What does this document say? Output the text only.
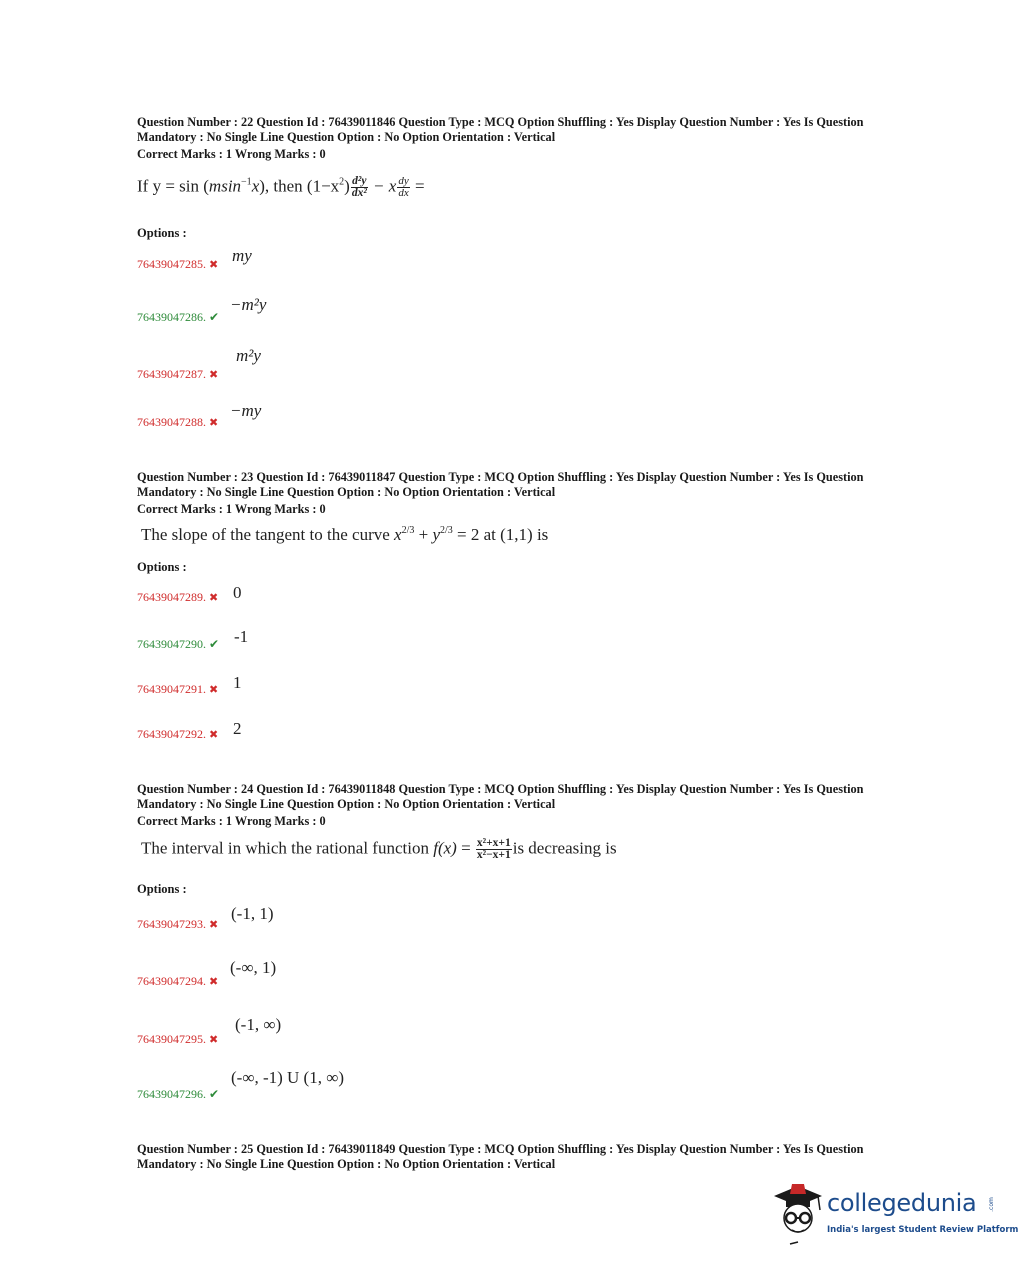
Question Number : 22 Question Id : 76439011846 Question Type : MCQ Option Shuffling : Yes Display Question Number : Yes Is Question
Mandatory : No Single Line Question Option : No Option Orientation : Vertical
Correct Marks : 1 Wrong Marks : 0
If y = sin (msin$^{-1}$x), then $(1-x^2) \frac{\text{d²y}}{\text{dx²}} - x \frac{dy}{dx}$ =
Options :
76439047285. ✖ my
76439047286. ✔
−m²y
76439047287. ✖
m²y
76439047288. ✖
−my
Question Number : 23 Question Id : 76439011847 Question Type : MCQ Option Shuffling : Yes Display Question Number : Yes Is Question
Mandatory : No Single Line Question Option : No Option Orientation : Vertical
Correct Marks : 1 Wrong Marks : 0
The slope of the tangent to the curve $x^{2/3} + y^{2/3} = 2$ at (1,1) is
Options :
76439047289. ✖ 0
76439047290. ✔ -1
76439047291. ✖ 1
76439047292. ✖ 2
Question Number : 24 Question Id : 76439011848 Question Type : MCQ Option Shuffling : Yes Display Question Number : Yes Is Question
Mandatory : No Single Line Question Option : No Option Orientation : Vertical
Correct Marks : 1 Wrong Marks : 0
The interval in which the rational function $f(x) = \frac{\text{x²+x+1}}{\text{x²−x+1}}$ is decreasing is
Options :
76439047293. ✖
(-1, 1)
76439047294. ✖
(-∞, 1)
76439047295. ✖
(-1, ∞)
76439047296. ✔
(-∞, -1) U (1, ∞)
Question Number : 25 Question Id : 76439011849 Question Type : MCQ Option Shuffling : Yes Display Question Number : Yes Is Question
Mandatory : No Single Line Question Option : No Option Orientation : Vertical
collegedunia .com
India's largest Student Review Platform
